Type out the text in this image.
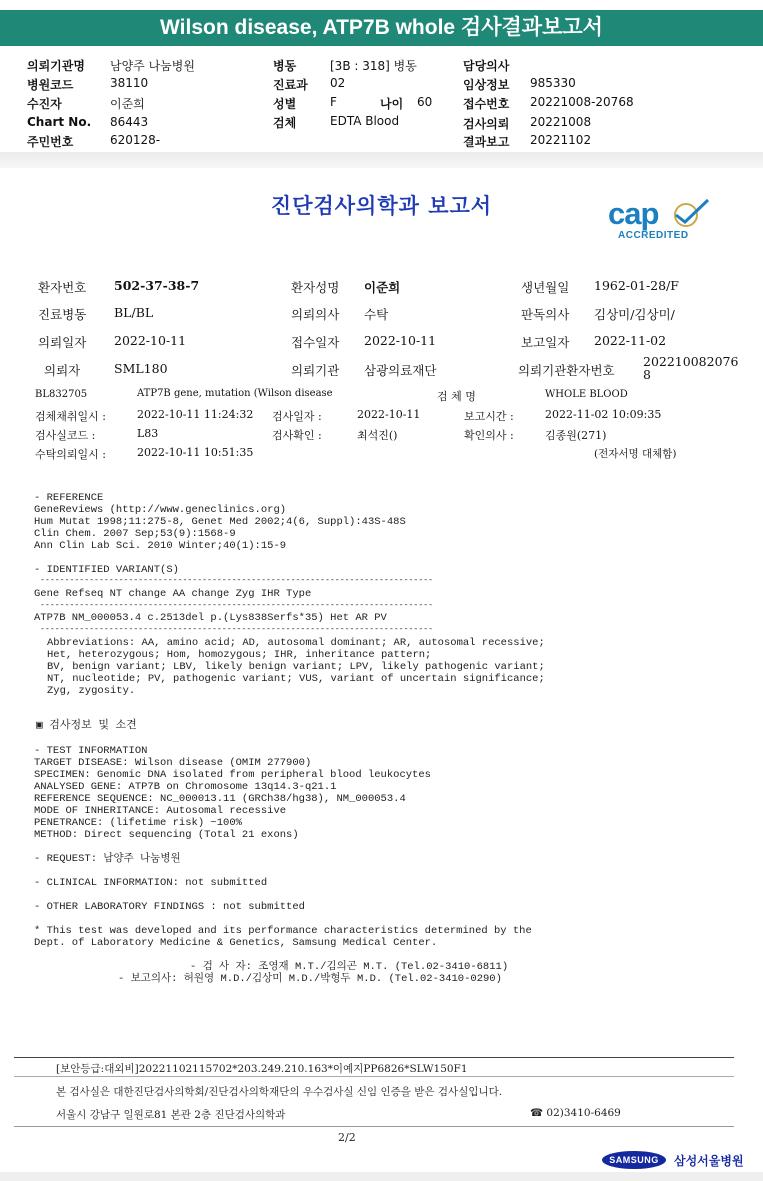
Wilson disease, ATP7B whole 검사결과보고서
의뢰기관명 남양주 나눔병원
병원코드	38110
수진자	이준희
Chart No. 86443
주민번호	620128-
병동	[3B : 318] 병동
진료과 02
성별	F	나이 60
검체	EDTA Blood
담당의사
임상정보 985330
접수번호 20221008-20768
검사의뢰 20221008
결과보고 20221102
진단검사의학과 보고서	cap
ACCREDITED
환자번호 502-37-38-7	환자성명 이준희	생년월일 1962-01-28/F
진료병동 BL/BL	의뢰의사 수탁	판독의사 김상미/김상미/
의뢰일자 2022-10-11	접수일자 2022-10-11	보고일자 2022-11-02
의뢰자	SML180	의뢰기관 삼광의료재단	의뢰기관환자번호
202210082076
8
BL832705	ATP7B gene, mutation (Wilson disease	검 체 명	WHOLE BLOOD
검체채취일시 :	2022-10-11 11:24:32 검사일자 :	2022-10-11	보고시간 :	2022-11-02 10:09:35
검사실코드 :	L83	검사확인 :	최석진()	확인의사 :	김종원(271)
수탁의뢰일시 :	2022-10-11 10:51:35	(전자서명 대체함)
- REFERENCE
GeneReviews (http://www.geneclinics.org)
Hum Mutat 1998;11:275-8, Genet Med 2002;4(6, Suppl):43S-48S
Clin Chem. 2007 Sep;53(9):1568-9
Ann Clin Lab Sci. 2010 Winter;40(1):15-9
- IDENTIFIED VARIANT(S)
--------------------------------------------------------------------------------
Gene Refseq NT change AA change Zyg IHR Type
--------------------------------------------------------------------------------
ATP7B NM_000053.4 c.2513del p.(Lys838Serfs*35) Het AR PV
--------------------------------------------------------------------------------
Abbreviations: AA, amino acid; AD, autosomal dominant; AR, autosomal recessive;
Het, heterozygous; Hom, homozygous; IHR, inheritance pattern;
BV, benign variant; LBV, likely benign variant; LPV, likely pathogenic variant;
NT, nucleotide; PV, pathogenic variant; VUS, variant of uncertain significance;
Zyg, zygosity.
▣ 검사정보 및 소견
- TEST INFORMATION
TARGET DISEASE: Wilson disease (OMIM 277900)
SPECIMEN: Genomic DNA isolated from peripheral blood leukocytes
ANALYSED GENE: ATP7B on Chromosome 13q14.3-q21.1
REFERENCE SEQUENCE: NC_000013.11 (GRCh38/hg38), NM_000053.4
MODE OF INHERITANCE: Autosomal recessive
PENETRANCE: (lifetime risk) ~100%
METHOD: Direct sequencing (Total 21 exons)
- REQUEST: 남양주 나눔병원
- CLINICAL INFORMATION: not submitted
- OTHER LABORATORY FINDINGS : not submitted
* This test was developed and its performance characteristics determined by the
Dept. of Laboratory Medicine & Genetics, Samsung Medical Center.
- 검 사 자: 조영재 M.T./김의곤 M.T. (Tel.02-3410-6811)
- 보고의사: 허원영 M.D./김상미 M.D./박형두 M.D. (Tel.02-3410-0290)
[보안등급:대외비]20221102115702*203.249.210.163*이예지PP6826*SLW150F1
본 검사실은 대한진단검사의학회/진단검사의학재단의 우수검사실 신임 인증을 받은 검사실입니다.
서울시 강남구 일원로81 본관 2층 진단검사의학과	☎ 02)3410-6469
2/2
SAMSUNG	삼성서울병원
